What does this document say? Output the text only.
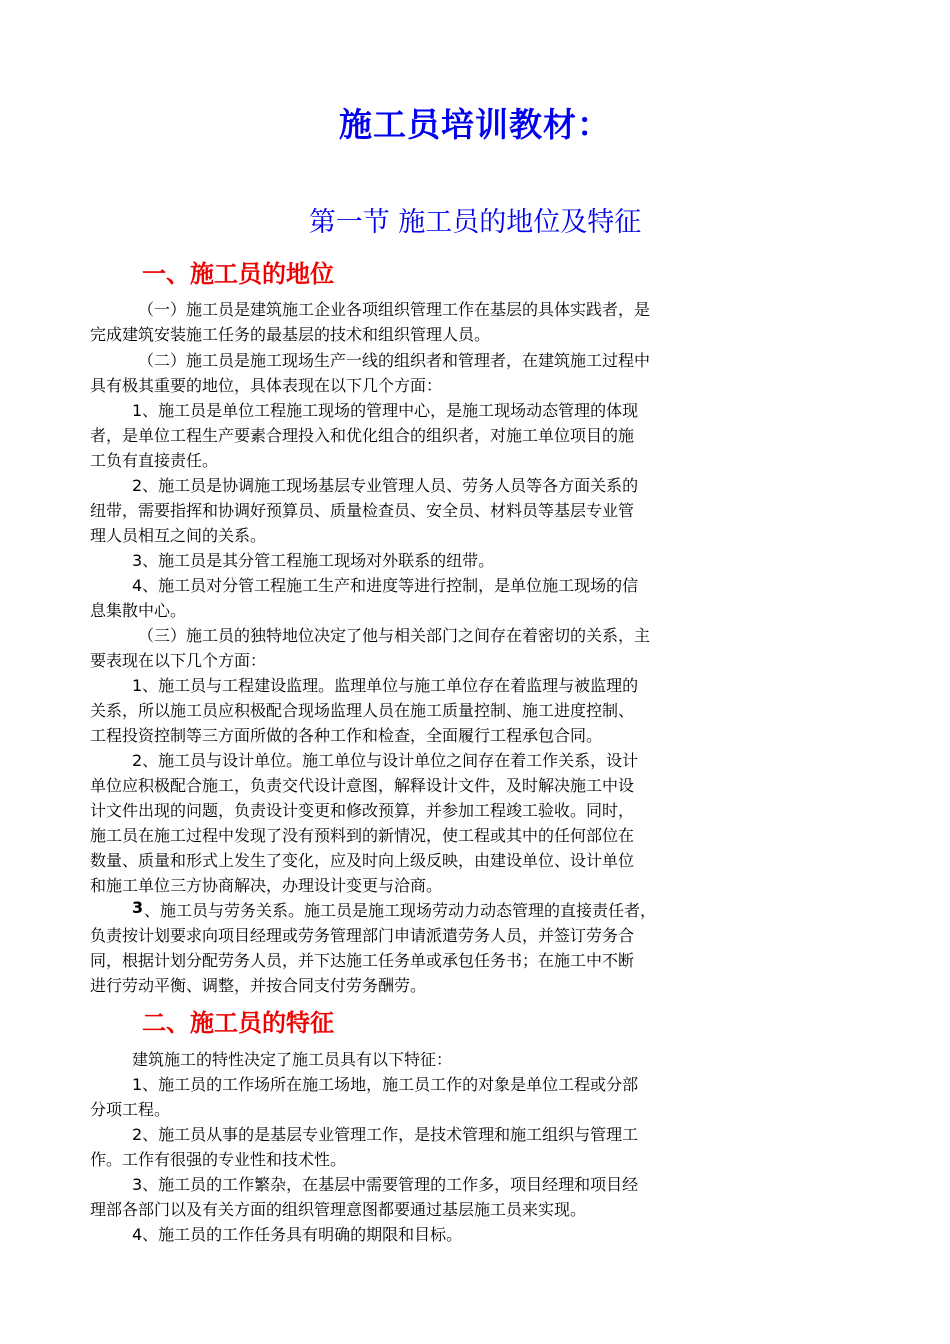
施工员培训教材：
第一节 施工员的地位及特征
一、施工员的地位
（一）施工员是建筑施工企业各项组织管理工作在基层的具体实践者，是
完成建筑安装施工任务的最基层的技术和组织管理人员。
（二）施工员是施工现场生产一线的组织者和管理者，在建筑施工过程中
具有极其重要的地位，具体表现在以下几个方面：
1、施工员是单位工程施工现场的管理中心，是施工现场动态管理的体现
者，是单位工程生产要素合理投入和优化组合的组织者，对施工单位项目的施
工负有直接责任。
2、施工员是协调施工现场基层专业管理人员、劳务人员等各方面关系的
纽带，需要指挥和协调好预算员、质量检查员、安全员、材料员等基层专业管
理人员相互之间的关系。
3、施工员是其分管工程施工现场对外联系的纽带。
4、施工员对分管工程施工生产和进度等进行控制，是单位施工现场的信
息集散中心。
（三）施工员的独特地位决定了他与相关部门之间存在着密切的关系，主
要表现在以下几个方面：
1、施工员与工程建设监理。监理单位与施工单位存在着监理与被监理的
关系，所以施工员应积极配合现场监理人员在施工质量控制、施工进度控制、
工程投资控制等三方面所做的各种工作和检查，全面履行工程承包合同。
2、施工员与设计单位。施工单位与设计单位之间存在着工作关系，设计
单位应积极配合施工，负责交代设计意图，解释设计文件，及时解决施工中设
计文件出现的问题，负责设计变更和修改预算，并参加工程竣工验收。同时，
施工员在施工过程中发现了没有预料到的新情况，使工程或其中的任何部位在
数量、质量和形式上发生了变化，应及时向上级反映，由建设单位、设计单位
和施工单位三方协商解决，办理设计变更与洽商。
3 、施工员与劳务关系。施工员是施工现场劳动力动态管理的直接责任者，
负责按计划要求向项目经理或劳务管理部门申请派遣劳务人员，并签订劳务合
同，根据计划分配劳务人员，并下达施工任务单或承包任务书；在施工中不断
进行劳动平衡、调整，并按合同支付劳务酬劳。
二、施工员的特征
建筑施工的特性决定了施工员具有以下特征：
1、施工员的工作场所在施工场地，施工员工作的对象是单位工程或分部
分项工程。
2、施工员从事的是基层专业管理工作，是技术管理和施工组织与管理工
作。工作有很强的专业性和技术性。
3、施工员的工作繁杂，在基层中需要管理的工作多，项目经理和项目经
理部各部门以及有关方面的组织管理意图都要通过基层施工员来实现。
4、施工员的工作任务具有明确的期限和目标。
